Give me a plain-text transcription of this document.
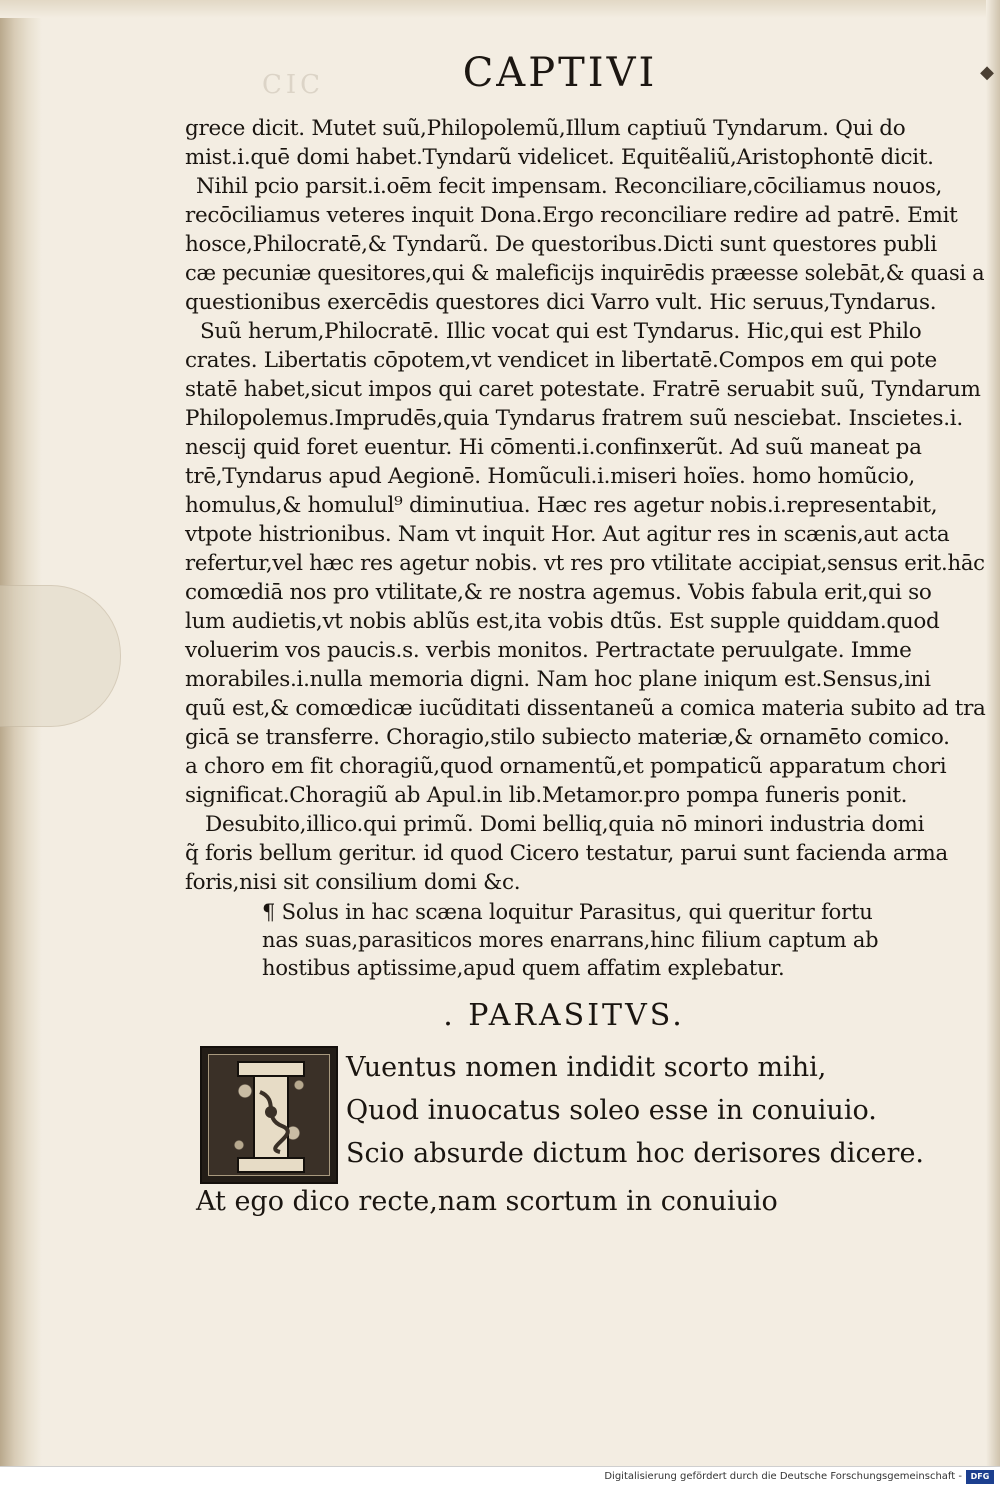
CIC	CAPTIVI	◆
grece dicit. Mutet suũ,Philopolemũ,Illum captiuũ Tyndarum. Qui do
mist.i.quē domi habet.Tyndarũ videlicet. Equitẽaliũ,Aristophontē dicit.
Nihil pcio parsit.i.oēm fecit impensam. Reconciliare,cōciliamus nouos,
recōciliamus veteres inquit Dona.Ergo reconciliare redire ad patrē. Emit
hosce,Philocratē,& Tyndarũ. De questoribus.Dicti sunt questores publi
cæ pecuniæ quesitores,qui & maleficijs inquirēdis præesse solebāt,& quasi a
questionibus exercēdis questores dici Varro vult. Hic seruus,Tyndarus.
Suũ herum,Philocratē. Illic vocat qui est Tyndarus. Hic,qui est Philo
crates. Libertatis cōpotem,vt vendicet in libertatē.Compos em qui pote
statē habet,sicut impos qui caret potestate. Fratrē seruabit suũ, Tyndarum
Philopolemus.Imprudēs,quia Tyndarus fratrem suũ nesciebat. Inscietes.i.
nescij quid foret euentur. Hi cōmenti.i.confinxerũt. Ad suũ maneat pa
trē,Tyndarus apud Aegionē. Homũculi.i.miseri hoïes. homo homũcio,
homulus,& homulul⁹ diminutiua. Hæc res agetur nobis.i.representabit,
vtpote histrionibus. Nam vt inquit Hor. Aut agitur res in scænis,aut acta
refertur,vel hæc res agetur nobis. vt res pro vtilitate accipiat,sensus erit.hāc
comœdiā nos pro vtilitate,& re nostra agemus. Vobis fabula erit,qui so
lum audietis,vt nobis ablũs est,ita vobis dtũs. Est supple quiddam.quod
voluerim vos paucis.s. verbis monitos. Pertractate peruulgate. Imme
morabiles.i.nulla memoria digni. Nam hoc plane iniqum est.Sensus,ini
quũ est,& comœdicæ iucũditati dissentaneũ a comica materia subito ad tra
gicā se transferre. Choragio,stilo subiecto materiæ,& ornamēto comico.
a choro em fit choragiũ,quod ornamentũ,et pompaticũ apparatum chori
significat.Choragiũ ab Apul.in lib.Metamor.pro pompa funeris ponit.
Desubito,illico.qui primũ. Domi belliq,quia nō minori industria domi
q̃ foris bellum geritur. id quod Cicero testatur, parui sunt facienda arma
foris,nisi sit consilium domi &c.
¶ Solus in hac scæna loquitur Parasitus, qui queritur fortu
nas suas,parasiticos mores enarrans,hinc filium captum ab
hostibus aptissime,apud quem affatim explebatur.
. PARASITVS.
Vuentus nomen indidit scorto mihi,
Quod inuocatus soleo esse in conuiuio.
Scio absurde dictum hoc derisores dicere.
At ego dico recte,nam scortum in conuiuio
Digitalisierung gefördert durch die Deutsche Forschungsgemeinschaft -	DFG
